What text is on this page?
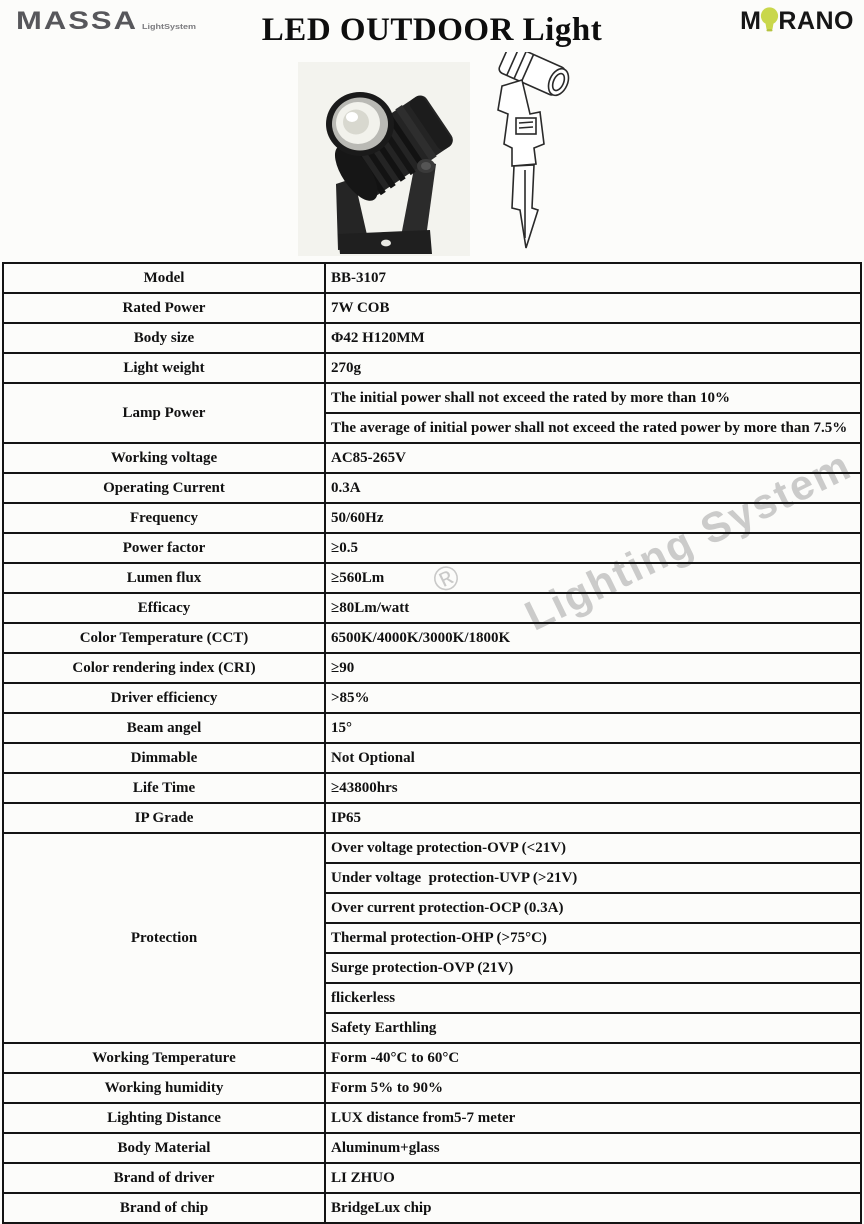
MASSA LightSystem	LED OUTDOOR Light	M RANO
® Lighting System
Model	BB-3107
Rated Power	7W COB
Body size	Φ42 H120MM
Light weight	270g
Lamp Power	The initial power shall not exceed the rated by more than 10%
	The average of initial power shall not exceed the rated power by more than 7.5%
Working voltage	AC85-265V
Operating Current	0.3A
Frequency	50/60Hz
Power factor	≥0.5
Lumen flux	≥560Lm
Efficacy	≥80Lm/watt
Color Temperature (CCT)	6500K/4000K/3000K/1800K
Color rendering index (CRI)	≥90
Driver efficiency	>85%
Beam angel	15°
Dimmable	Not Optional
Life Time	≥43800hrs
IP Grade	IP65
Protection	Over voltage protection-OVP (<21V)
	Under voltage  protection-UVP (>21V)
	Over current protection-OCP (0.3A)
	Thermal protection-OHP (>75°C)
	Surge protection-OVP (21V)
	flickerless
	Safety Earthling
Working Temperature	Form -40°C to 60°C
Working humidity	Form 5% to 90%
Lighting Distance	LUX distance from5-7 meter
Body Material	Aluminum+glass
Brand of driver	LI ZHUO
Brand of chip	BridgeLux chip
